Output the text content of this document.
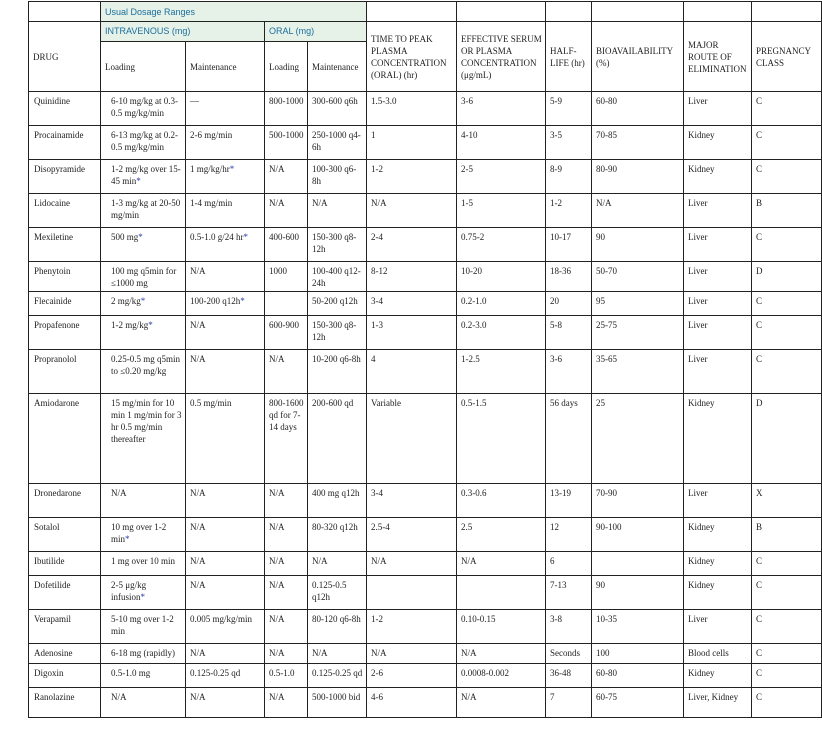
	Usual Dosage Ranges									
DRUG	INTRAVENOUS (mg)		ORAL (mg)		TIME TO PEAK PLASMA CONCENTRATION (ORAL) (hr)	EFFECTIVE SERUM OR PLASMA CONCENTRATION (μg/mL)	HALF-LIFE (hr)	BIOAVAILABILITY (%)	MAJOR ROUTE OF ELIMINATION	PREGNANCY CLASS
	Loading	Maintenance	Loading	Maintenance						
Quinidine	6-10 mg/kg at 0.3-0.5 mg/kg/min	—	800-1000	300-600 q6h	1.5-3.0	3-6	5-9	60-80	Liver	C
Procainamide	6-13 mg/kg at 0.2-0.5 mg/kg/min	2-6 mg/min	500-1000	250-1000 q4-6h	1	4-10	3-5	70-85	Kidney	C
Disopyramide	1-2 mg/kg over 15-45 min*	1 mg/kg/hr*	N/A	100-300 q6-8h	1-2	2-5	8-9	80-90	Kidney	C
Lidocaine	1-3 mg/kg at 20-50 mg/min	1-4 mg/min	N/A	N/A	N/A	1-5	1-2	N/A	Liver	B
Mexiletine	500 mg*	0.5-1.0 g/24 hr*	400-600	150-300 q8-12h	2-4	0.75-2	10-17	90	Liver	C
Phenytoin	100 mg q5min for ≤1000 mg	N/A	1000	100-400 q12-24h	8-12	10-20	18-36	50-70	Liver	D
Flecainide	2 mg/kg*	100-200 q12h*		50-200 q12h	3-4	0.2-1.0	20	95	Liver	C
Propafenone	1-2 mg/kg*	N/A	600-900	150-300 q8-12h	1-3	0.2-3.0	5-8	25-75	Liver	C
Propranolol	0.25-0.5 mg q5min to ≤0.20 mg/kg	N/A	N/A	10-200 q6-8h	4	1-2.5	3-6	35-65	Liver	C
Amiodarone	15 mg/min for 10 min 1 mg/min for 3 hr 0.5 mg/min thereafter	0.5 mg/min	800-1600 qd for 7-14 days	200-600 qd	Variable	0.5-1.5	56 days	25	Kidney	D
Dronedarone	N/A	N/A	N/A	400 mg q12h	3-4	0.3-0.6	13-19	70-90	Liver	X
Sotalol	10 mg over 1-2 min*	N/A	N/A	80-320 q12h	2.5-4	2.5	12	90-100	Kidney	B
Ibutilide	1 mg over 10 min	N/A	N/A	N/A	N/A	N/A	6		Kidney	C
Dofetilide	2-5 μg/kg infusion*	N/A	N/A	0.125-0.5 q12h			7-13	90	Kidney	C
Verapamil	5-10 mg over 1-2 min	0.005 mg/kg/min	N/A	80-120 q6-8h	1-2	0.10-0.15	3-8	10-35	Liver	C
Adenosine	6-18 mg (rapidly)	N/A	N/A	N/A	N/A	N/A	Seconds	100	Blood cells	C
Digoxin	0.5-1.0 mg	0.125-0.25 qd	0.5-1.0	0.125-0.25 qd	2-6	0.0008-0.002	36-48	60-80	Kidney	C
Ranolazine	N/A	N/A	N/A	500-1000 bid	4-6	N/A	7	60-75	Liver, Kidney	C
